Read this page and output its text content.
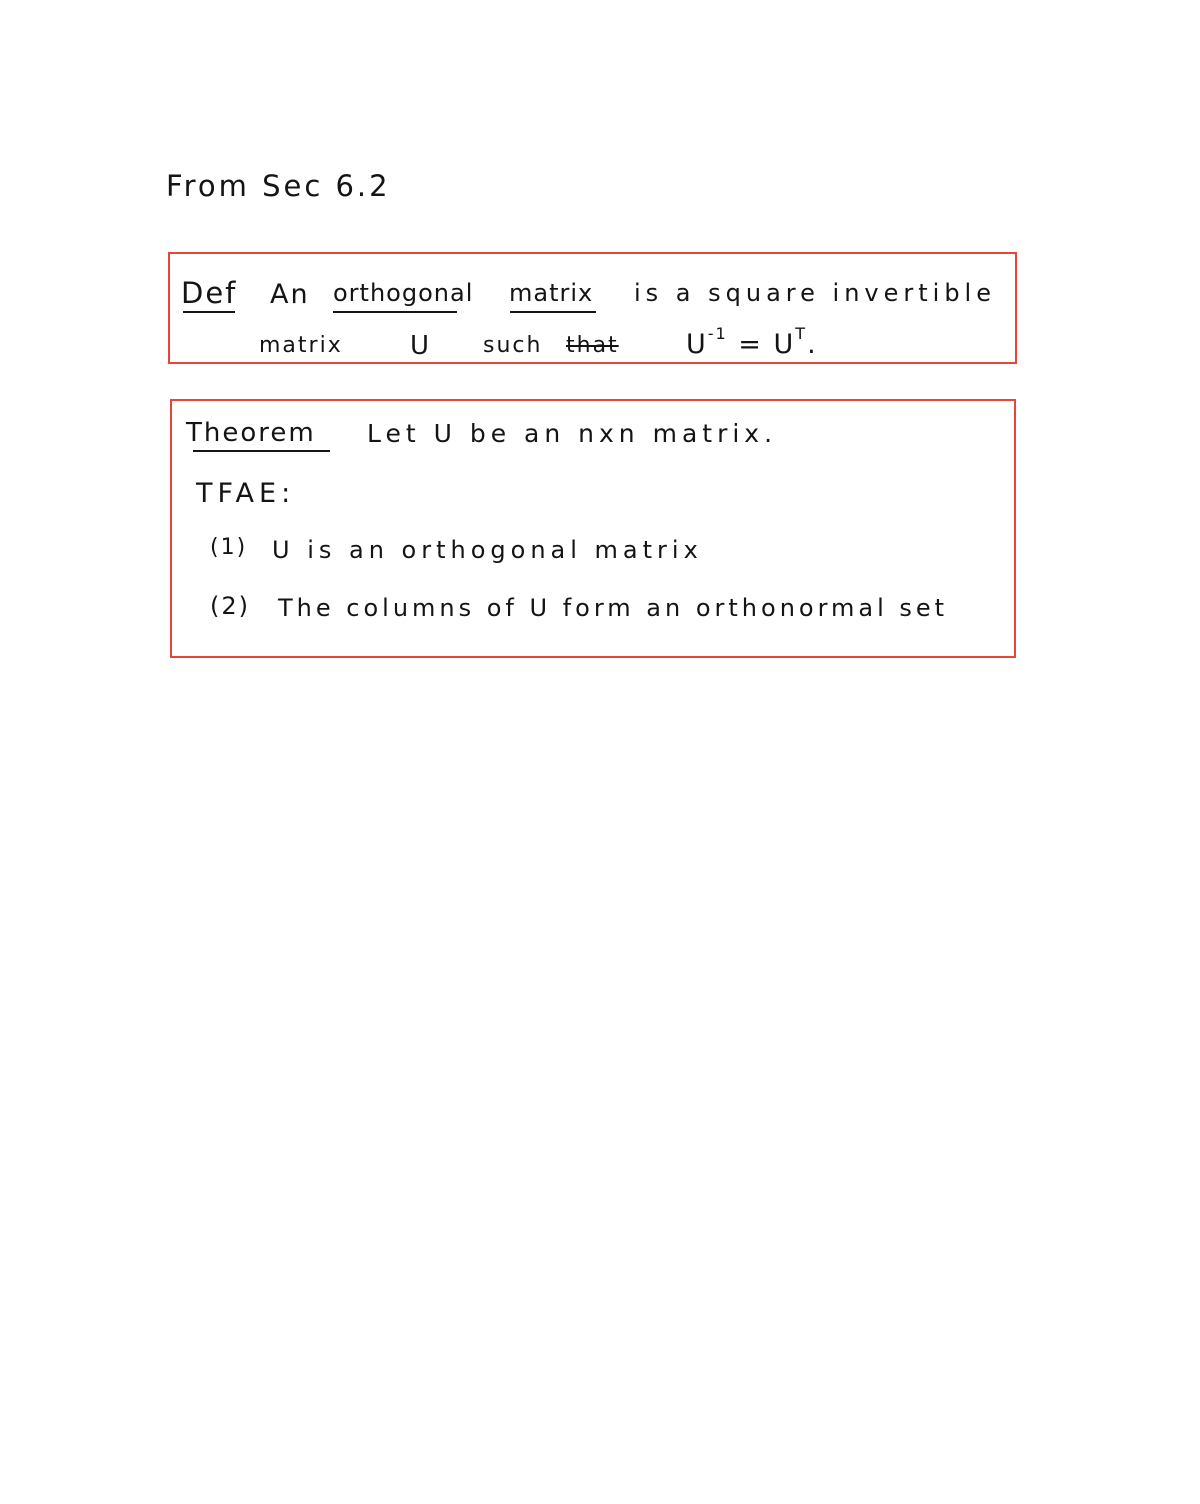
From Sec 6.2
Def An orthogonal matrix is a square invertible
matrix	U such that $U^{-1} = U^T$.
Theorem Let U be an nxn matrix.
TFAE:
(1) U is an orthogonal matrix
(2) The columns of U form an orthonormal set
